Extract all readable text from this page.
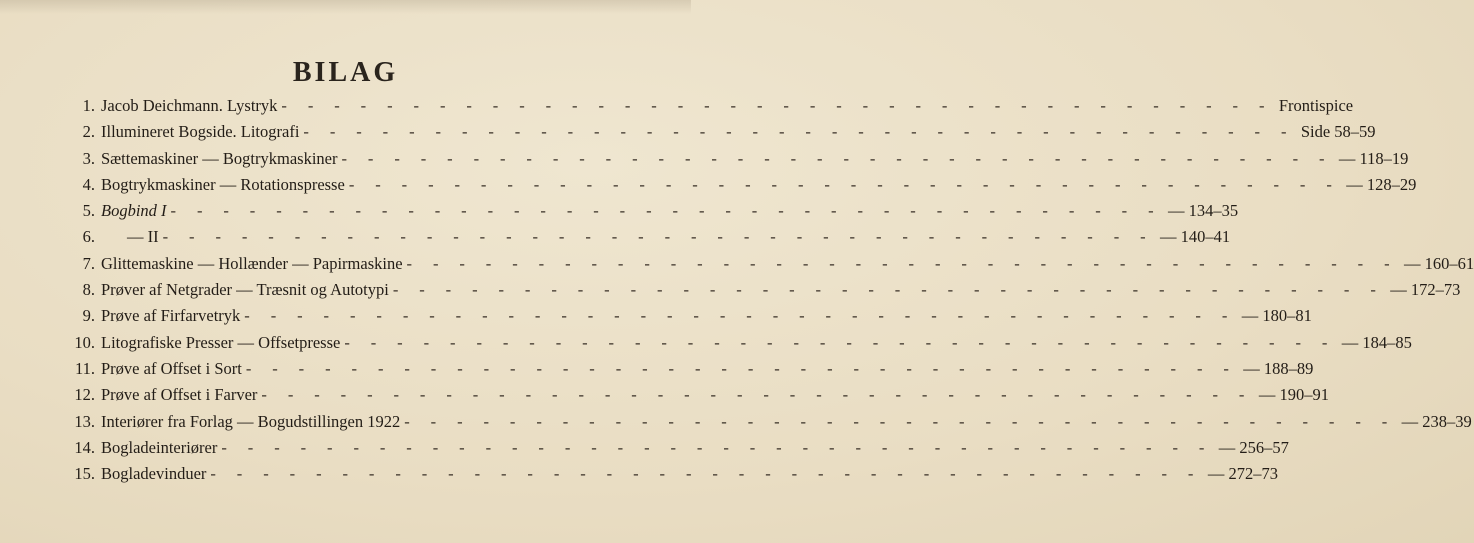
BILAG
1. Jacob Deichmann. Lystryk - - - - - - - - - - - - - - - - - - - - - - - - - - - - - - - - - - - - - - Frontispice
2. Illumineret Bogside. Litografi - - - - - - - - - - - - - - - - - - - - - - - - - - - - - - - - - - - - - - Side 58–59
3. Sættemaskiner — Bogtrykmaskiner - - - - - - - - - - - - - - - - - - - - - - - - - - - - - - - - - - - - - - — 118–19
4. Bogtrykmaskiner — Rotationspresse - - - - - - - - - - - - - - - - - - - - - - - - - - - - - - - - - - - - - - — 128–29
5. Bogbind I - - - - - - - - - - - - - - - - - - - - - - - - - - - - - - - - - - - - - - — 134–35
6.	— II - - - - - - - - - - - - - - - - - - - - - - - - - - - - - - - - - - - - - - — 140–41
7. Glittemaskine — Hollænder — Papirmaskine - - - - - - - - - - - - - - - - - - - - - - - - - - - - - - - - - - - - - - — 160–61
8. Prøver af Netgrader — Træsnit og Autotypi - - - - - - - - - - - - - - - - - - - - - - - - - - - - - - - - - - - - - - — 172–73
9. Prøve af Firfarvetryk - - - - - - - - - - - - - - - - - - - - - - - - - - - - - - - - - - - - - - — 180–81
10. Litografiske Presser — Offsetpresse - - - - - - - - - - - - - - - - - - - - - - - - - - - - - - - - - - - - - - — 184–85
11. Prøve af Offset i Sort - - - - - - - - - - - - - - - - - - - - - - - - - - - - - - - - - - - - - - — 188–89
12. Prøve af Offset i Farver - - - - - - - - - - - - - - - - - - - - - - - - - - - - - - - - - - - - - - — 190–91
13. Interiører fra Forlag — Bogudstillingen 1922 - - - - - - - - - - - - - - - - - - - - - - - - - - - - - - - - - - - - - - — 238–39
14. Bogladeinteriører - - - - - - - - - - - - - - - - - - - - - - - - - - - - - - - - - - - - - - — 256–57
15. Bogladevinduer - - - - - - - - - - - - - - - - - - - - - - - - - - - - - - - - - - - - - - — 272–73
